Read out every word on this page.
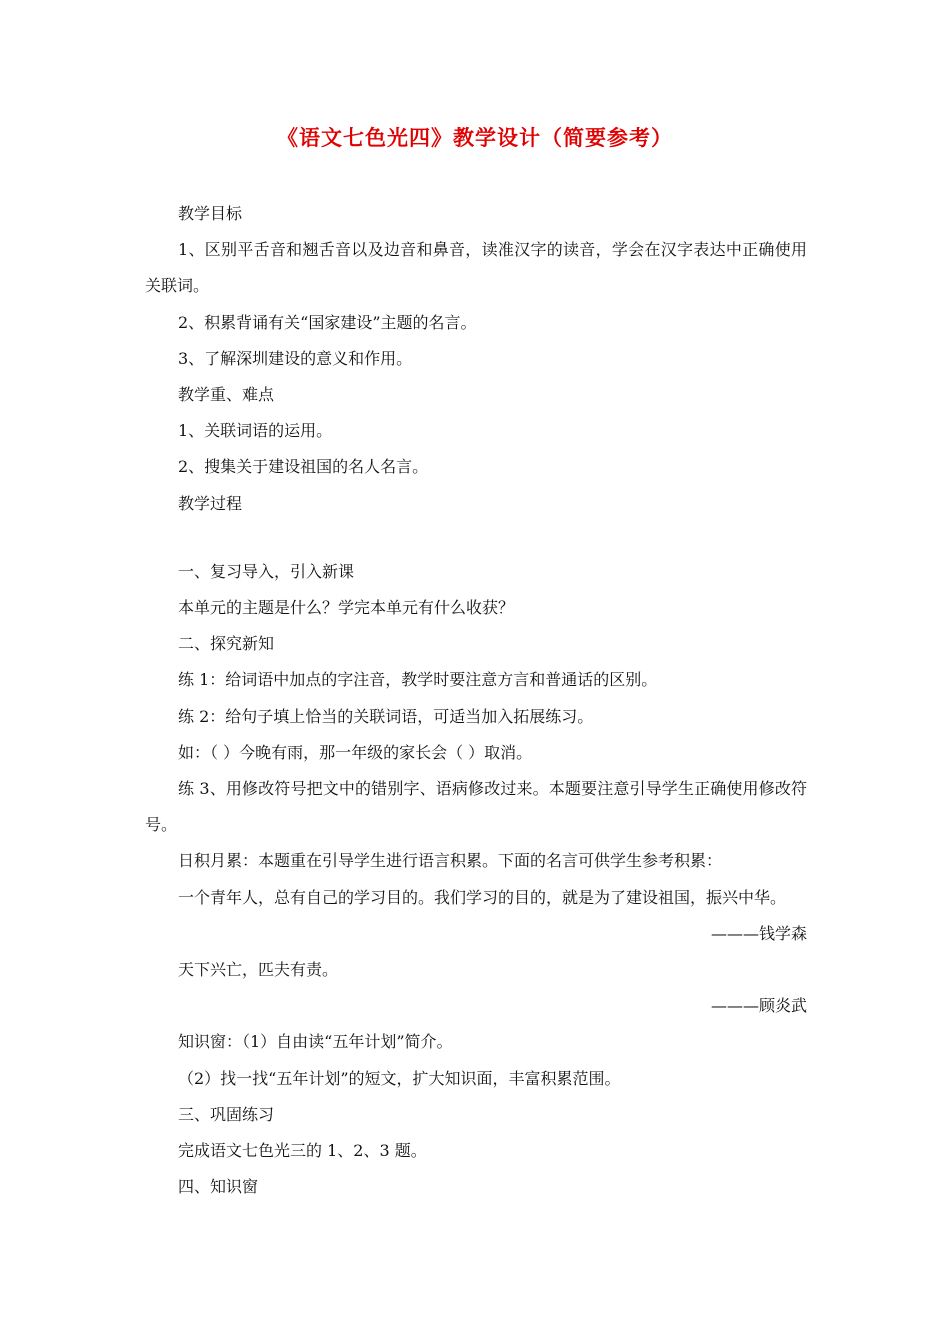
《语文七色光四》教学设计（简要参考）

教学目标

1、区别平舌音和翘舌音以及边音和鼻音，读准汉字的读音，学会在汉字表达中正确使用关联词。

2、积累背诵有关“国家建设”主题的名言。

3、了解深圳建设的意义和作用。

教学重、难点

1、关联词语的运用。

2、搜集关于建设祖国的名人名言。

教学过程

一、复习导入，引入新课

本单元的主题是什么？学完本单元有什么收获？

二、探究新知

练 1：给词语中加点的字注音，教学时要注意方言和普通话的区别。

练 2：给句子填上恰当的关联词语，可适当加入拓展练习。

如：（ ）今晚有雨，那一年级的家长会（ ）取消。

练 3、用修改符号把文中的错别字、语病修改过来。本题要注意引导学生正确使用修改符号。

日积月累：本题重在引导学生进行语言积累。下面的名言可供学生参考积累：

一个青年人，总有自己的学习目的。我们学习的目的，就是为了建设祖国，振兴中华。

———钱学森

天下兴亡，匹夫有责。

———顾炎武

知识窗：（1）自由读“五年计划”简介。

（2）找一找“五年计划”的短文，扩大知识面，丰富积累范围。

三、巩固练习

完成语文七色光三的 1、2、3 题。

四、知识窗
